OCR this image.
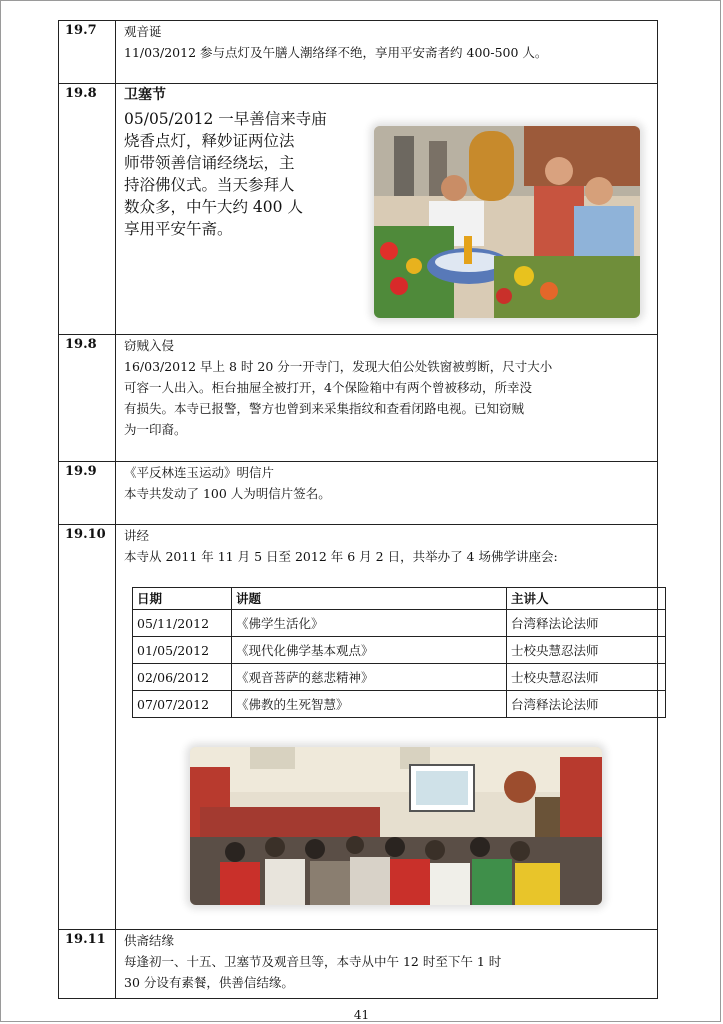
19.7	观音诞

11/03/2012 参与点灯及午膳人潮络绎不绝，享用平安斋者约 400-500 人。

19.8	卫塞节

05/05/2012 一早善信来寺庙

烧香点灯，释妙证两位法

师带领善信诵经绕坛，主

持浴佛仪式。当天参拜人

数众多，中午大约 400 人

享用平安午斋。

19.8	窃贼入侵

16/03/2012 早上 8 时 20 分一开寺门，发现大伯公处铁窗被剪断，尺寸大小

可容一人出入。柜台抽屉全被打开，4个保险箱中有两个曾被移动，所幸没

有损失。本寺已报警，警方也曾到来采集指纹和查看闭路电视。已知窃贼

为一印裔。

19.9	《平反林连玉运动》明信片

本寺共发动了 100 人为明信片签名。

19.10	讲经

本寺从 2011 年 11 月 5 日至 2012 年 6 月 2 日，共举办了 4 场佛学讲座会:

日期	讲题	主讲人
05/11/2012	《佛学生活化》	台湾释法论法师
01/05/2012	《现代化佛学基本观点》	士校央慧忍法师
02/06/2012	《观音菩萨的慈悲精神》	士校央慧忍法师
07/07/2012	《佛教的生死智慧》	台湾释法论法师

19.11	供斋结缘

每逢初一、十五、卫塞节及观音旦等，本寺从中午 12 时至下午 1 时

30 分设有素餐，供善信结缘。

41
